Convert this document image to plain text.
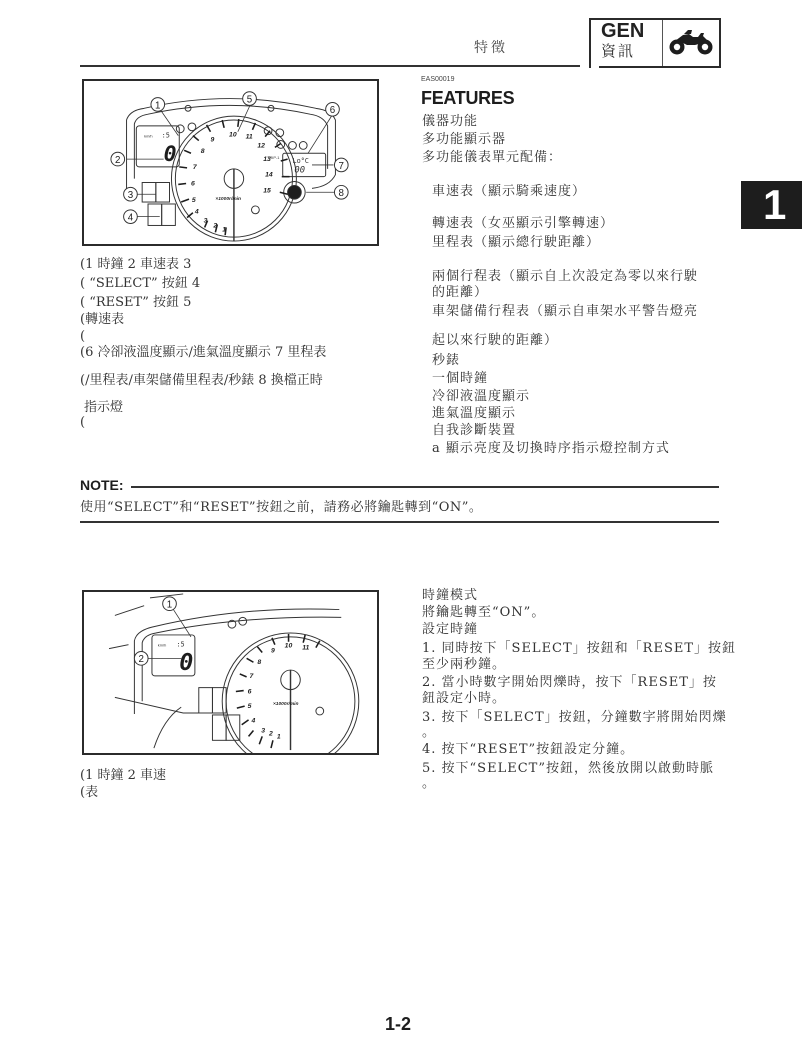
特徵
GEN
資訊
1
1
2
3
4
5
6
7
8
9
10 11
12
13
14
15
×1000r/min
km/h :5
0	Lo°C
00
TRIP-1
1
5
6
2
7
3	8
4
(1 時鐘 2 車速表 3
( “SELECT” 按鈕 4
( “RESET” 按鈕 5
(轉速表
(
(6 冷卻液溫度顯示/進氣溫度顯示 7 里程表
(/里程表/車架儲備里程表/秒錶 8 換檔正時
指示燈
(
EAS00019
FEATURES
儀器功能
多功能顯示器
多功能儀表單元配備：
車速表（顯示騎乘速度）
轉速表（女巫顯示引擎轉速）
里程表（顯示總行駛距離）
兩個行程表（顯示自上次設定為零以來行駛
的距離）
車架儲備行程表（顯示自車架水平警告燈亮
起以來行駛的距離）
秒錶
一個時鐘
冷卻液溫度顯示
進氣溫度顯示
自我診斷裝置
a 顯示亮度及切換時序指示燈控制方式
NOTE:
使用“SELECT”和“RESET”按鈕之前，請務必將鑰匙轉到“ON”。
1
2
3
4
5
6
7
8
9
10 11
×1000r/min
km/h :5
0
1
2
(1 時鐘 2 車速
(表
時鐘模式
將鑰匙轉至“ON”。
設定時鐘
1. 同時按下「SELECT」按鈕和「RESET」按鈕
至少兩秒鐘。
2. 當小時數字開始閃爍時，按下「RESET」按
鈕設定小時。
3. 按下「SELECT」按鈕，分鐘數字將開始閃爍
。
4. 按下“RESET”按鈕設定分鐘。
5. 按下“SELECT”按鈕，然後放開以啟動時脈
。
1-2
